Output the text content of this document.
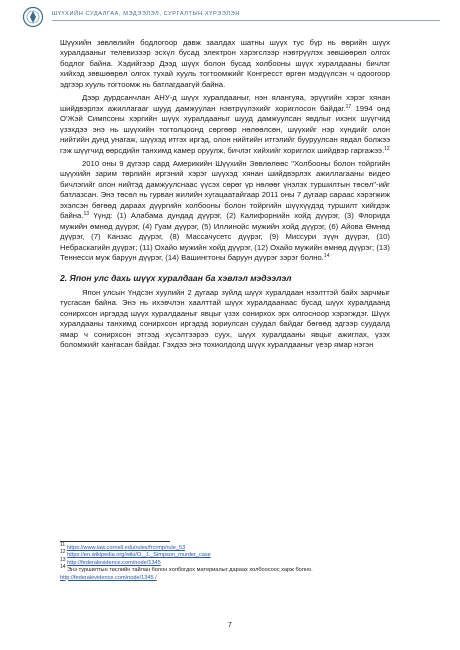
ШҮҮХИЙН СУДАЛГАА, МЭДЭЭЛЭЛ, СУРГАЛТЫН ХҮРЭЭЛЭН

Шүүхийн зөвлөлийн бодлогоор давж заалдах шатны шүүх тус бүр нь өөрийн шүүх хуралдааныг телевизээр эсхүл бусад электрон хэрэгслээр нэвтрүүлэх зөвшөөрөл олгох бодлог байна. Хэдийгээр Дээд шүүх болон бусад холбооны шүүх хуралдааны бичлэг хийхэд зөвшөөрөл олгох тухай хууль тогтоомжийг Конгресст өргөн мэдүүлсэн ч одоогоор эдгээр хууль тогтоомж нь батлагдаагүй байна.

Дээр дурдсанчлан АНУ-д шүүх хуралдааныг, нэн ялангуяа, эрүүгийн хэрэг хянан шийдвэрлэх ажиллагааг шууд дамжуулан нэвтрүүлэхийг хориглосон байдаг.$^{17}$ 1994 онд О'Жэй Симпсоны хэргийн шүүх хуралдааныг шууд дамжуулсан явдлыг ихэнх шүүгчид үзэхдээ энэ нь шүүхийн тогтолцоонд сөргөөр нөлөөлсөн, шүүхийг нэр хүндийг олон нийтийн дунд унагаж, шүүхэд итгэх иргэд, олон нийтийн итгэлийг бууруулсан явдал болжээ гэж шүүгчид өөрсдийн танхимд камер оруулж, бичлэг хийхийг хориглох шийдвэр гаргажээ.$^{12}$

2010 оны 9 дүгээр сард Америкийн Шүүхийн Зөвлөлөөс "Холбооны болон тойргийн шүүхийн зарим төрлийн иргэний хэрэг шүүхэд хянан шийдвэрлэх ажиллагааны видео бичлэгийг олон нийтэд дамжуулснаас үүсэх сөрөг үр нөлөөг үнэлэх туршилтын төсөл"-ийг батлазсан. Энэ төсөл нь гурван жилийн хугацаатайгаар 2011 оны 7 дугаар сараас хэрэгжиж эхэлсэн бөгөөд дараах дүүргийн холбооны болон тойргийн шүүхүүдэд туршилт хийгдэж байна.$^{13}$ Үүнд: (1) Алабама дундад дүүрэг, (2) Калифорнийн хойд дүүрэг, (3) Флорида мужийн өмнөд дүүрэг, (4) Гуам дүүрэг, (5) Иллинойс мужийн хойд дүүрэг, (6) Айова Өмнөд дүүрэг, (7) Канзас дүүрэг, (8) Массачусетс дүүрэг, (9) Миссури зүүн дүүрэг, (10) Небраскагийн дүүрэг; (11) Охайо мужийн хойд дүүрэг, (12) Охайо мужийн өмнөд дүүрэг; (13) Теннесси муж баруун дүүрэг, (14) Вашингтоны баруун дүүрэг зэрэг болно.$^{14}$

2. Япон улс дахь шүүх хуралдаан ба хэвлэл мэдээлэл

Япон улсын Үндсэн хуулийн 2 дугаар зүйлд шүүх хуралдаан нээлттэй байх зарчмыг тусгасан байна. Энэ нь ихэвчлэн хаалттай шүүх хуралдаанаас бусад шүүх хуралдаанд сонирхсон иргэдэд шүүх хуралдааныг явцыг үзэх сонирхох эрх олгосноор хэрэгждэг. Шүүх хуралдааны танхимд сонирхсон иргэдэд зориулсан суудал байдаг бөгөөд эдгээр суудалд ямар ч сонирхсон этгээд хүсэлтээрээ суух, шүүх хуралдааны явцыг ажиглах, үзэх боломжийг хангасан байдаг. Гэхдээ энэ тохиолдолд шүүх хуралдааныг үеэр ямар нэгэн

$^{11}$ https://www.law.cornell.edu/rules/frcrmp/rule_53
$^{12}$ https://en.wikipedia.org/wiki/O._J._Simpson_murder_case
$^{13}$ http://federalevidence.com/node/1345
$^{14}$ Энэ туршилтын төслийн тайлан болон холбогдох материалыг дараах холбоосоос харж болно.
http://federalevidence.com/node/1345 /
7
